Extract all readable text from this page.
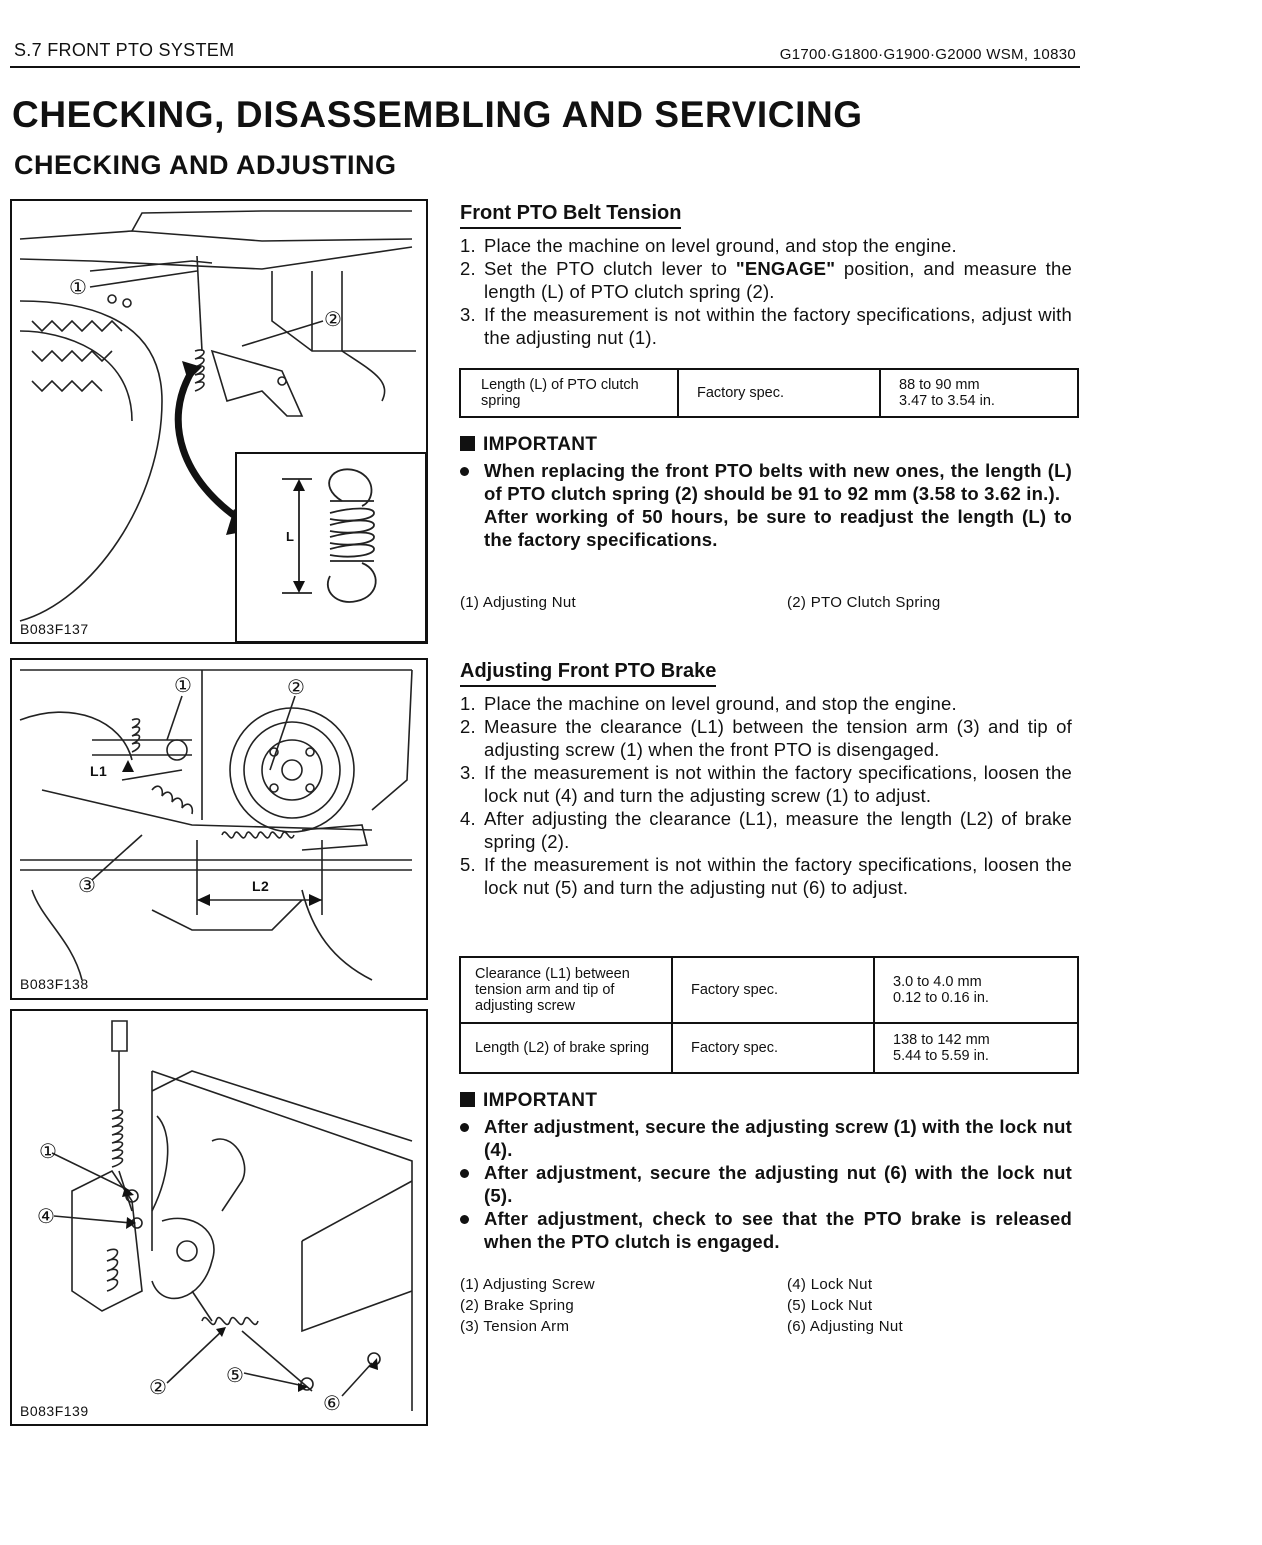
S.7 FRONT PTO SYSTEM	G1700·G1800·G1900·G2000 WSM, 10830
CHECKING, DISASSEMBLING AND SERVICING
CHECKING AND ADJUSTING
①
②
L
B083F137
①	②
③
L1
L2
B083F138
①
④
②
⑤
⑥
B083F139
Front PTO Belt Tension
1. Place the machine on level ground, and stop the engine.
2. Set the PTO clutch lever to "ENGAGE" position, and measure the length (L) of PTO clutch spring (2).
3. If the measurement is not within the factory specifications, adjust with the adjusting nut (1).
Length (L) of PTO clutch spring	Factory spec.	88 to 90 mm
3.47 to 3.54 in.
IMPORTANT
When replacing the front PTO belts with new ones, the length (L) of PTO clutch spring (2) should be 91 to 92 mm (3.58 to 3.62 in.).
After working of 50 hours, be sure to readjust the length (L) to the factory specifications.
(1) Adjusting Nut	(2) PTO Clutch Spring
Adjusting Front PTO Brake
1. Place the machine on level ground, and stop the engine.
2. Measure the clearance (L1) between the tension arm (3) and tip of adjusting screw (1) when the front PTO is disengaged.
3. If the measurement is not within the factory specifications, loosen the lock nut (4) and turn the adjusting screw (1) to adjust.
4. After adjusting the clearance (L1), measure the length (L2) of brake spring (2).
5. If the measurement is not within the factory specifications, loosen the lock nut (5) and turn the adjusting nut (6) to adjust.
Clearance (L1) between tension arm and tip of adjusting screw	Factory spec.	3.0 to 4.0 mm
0.12 to 0.16 in.

Length (L2) of brake spring	Factory spec.	138 to 142 mm
5.44 to 5.59 in.
IMPORTANT
After adjustment, secure the adjusting screw (1) with the lock nut (4).
After adjustment, secure the adjusting nut (6) with the lock nut (5).
After adjustment, check to see that the PTO brake is released when the PTO clutch is engaged.
(1) Adjusting Screw
(2) Brake Spring
(3) Tension Arm
(4) Lock Nut
(5) Lock Nut
(6) Adjusting Nut
